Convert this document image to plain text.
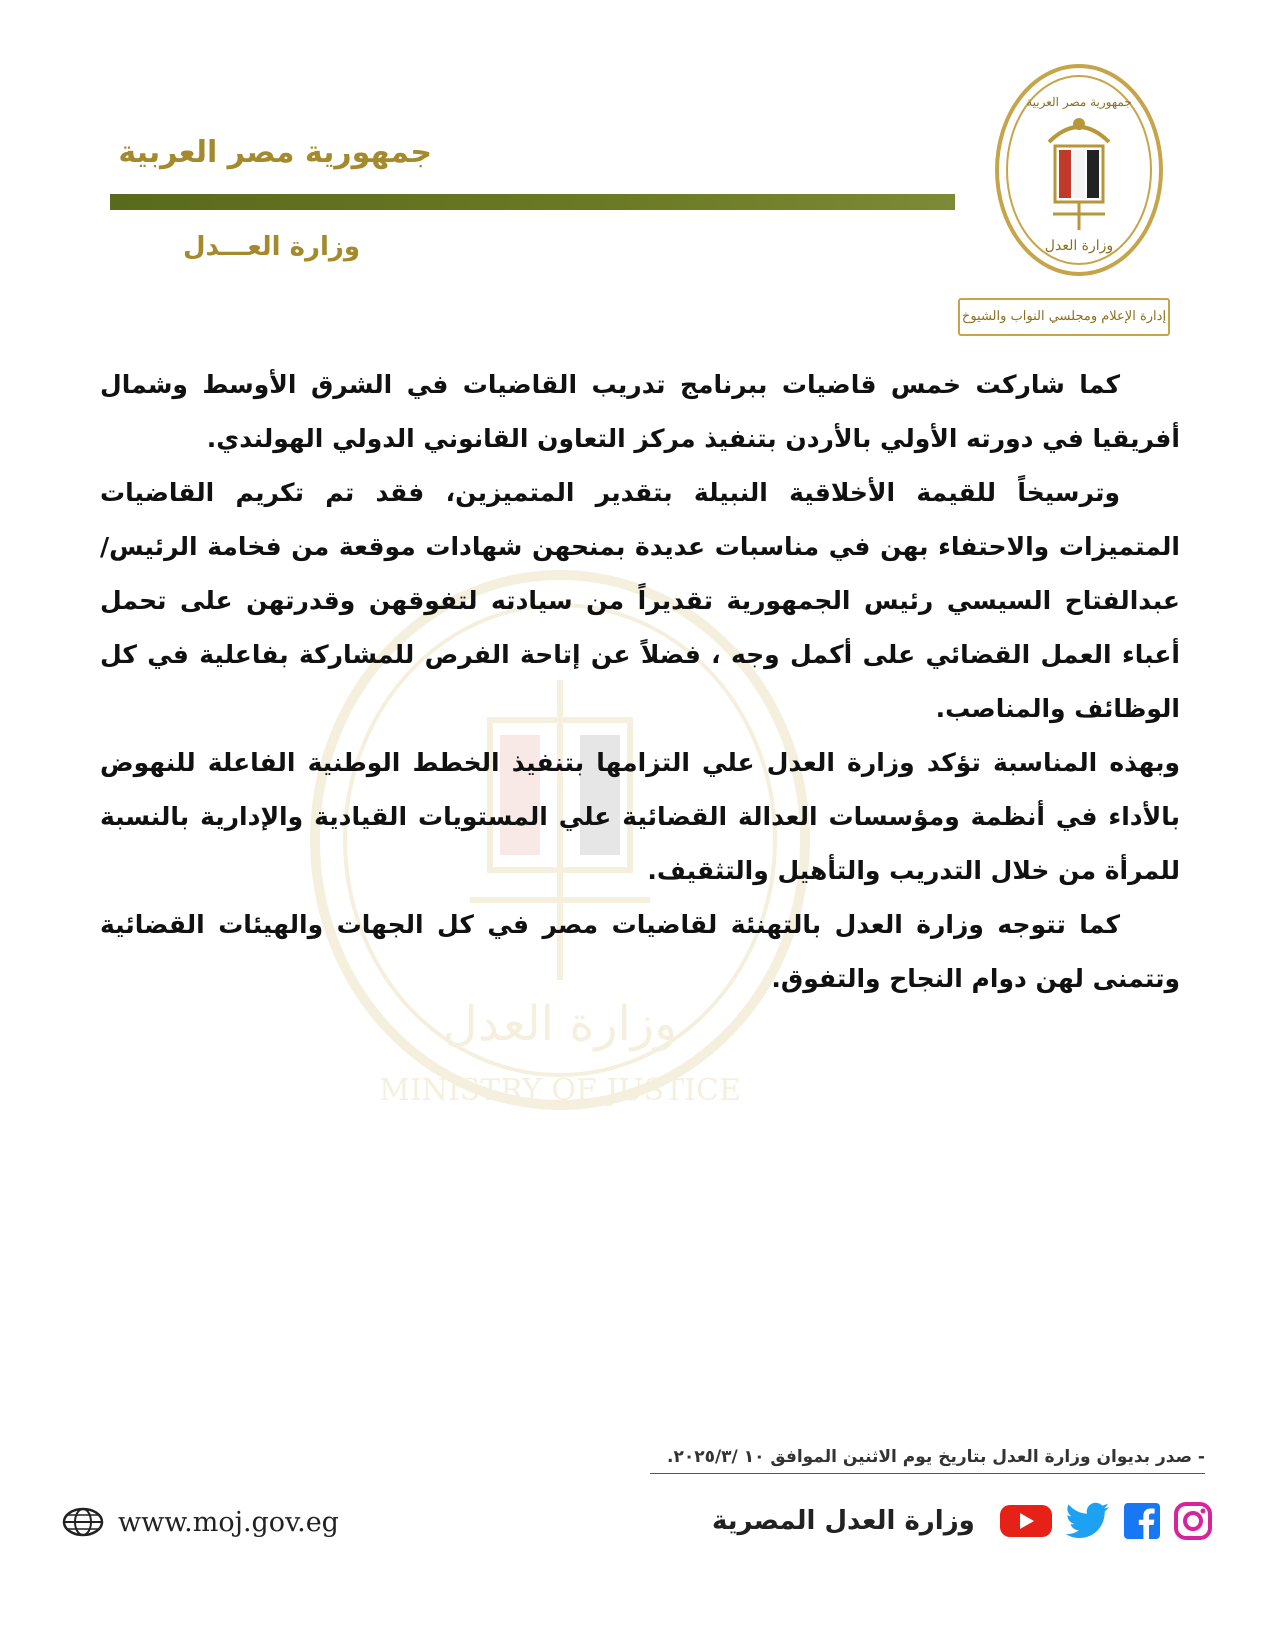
وزارة العدل
MINISTRY OF JUSTICE
جمهورية مصر العربية
وزارة العـــدل
جمهورية مصر العربية
وزارة العدل
إدارة الإعلام ومجلسي النواب والشيوخ

كما شاركت خمس قاضيات ببرنامج تدريب القاضيات في الشرق الأوسط وشمال أفريقيا في دورته الأولي بالأردن بتنفيذ مركز التعاون القانوني الدولي الهولندي.

وترسيخاً للقيمة الأخلاقية النبيلة بتقدير المتميزين، فقد تم تكريم القاضيات المتميزات والاحتفاء بهن في مناسبات عديدة بمنحهن شهادات موقعة من فخامة الرئيس/ عبدالفتاح السيسي رئيس الجمهورية تقديراً من سيادته لتفوقهن وقدرتهن على تحمل أعباء العمل القضائي على أكمل وجه ، فضلاً عن إتاحة الفرص للمشاركة بفاعلية في كل الوظائف والمناصب.

وبهذه المناسبة تؤكد وزارة العدل علي التزامها بتنفيذ الخطط الوطنية الفاعلة للنهوض بالأداء في أنظمة ومؤسسات العدالة القضائية علي المستويات القيادية والإدارية بالنسبة للمرأة من خلال التدريب والتأهيل والتثقيف.

كما تتوجه وزارة العدل بالتهنئة لقاضيات مصر في كل الجهات والهيئات القضائية وتتمنى لهن دوام النجاح والتفوق.

- صدر بديوان وزارة العدل بتاريخ يوم الاثنين الموافق ١٠ /٢٠٢٥/٣.
www.moj.gov.eg	وزارة العدل المصرية
